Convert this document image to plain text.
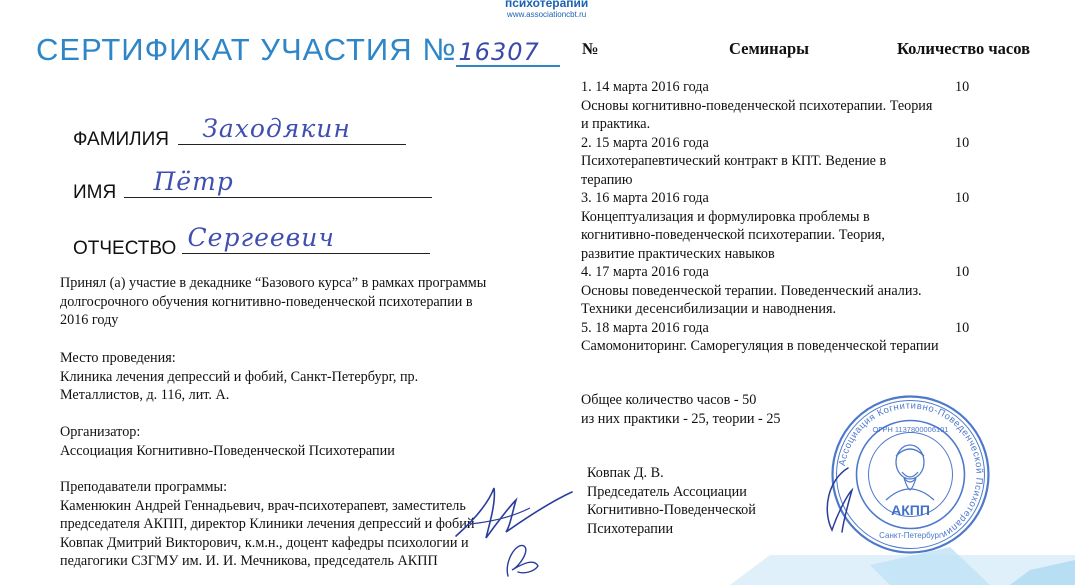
психотерапии
www.associationcbt.ru
СЕРТИФИКАТ УЧАСТИЯ №16307
ФАМИЛИЯ Заходякин
ИМЯ Пётр
ОТЧЕСТВО Сергеевич

Принял (а) участие в декаднике “Базового курса” в рамках программы долгосрочного обучения когнитивно-поведенческой психотерапии в 2016 году

Место проведения:

Клиника лечения депрессий и фобий, Санкт-Петербург, пр. Металлистов, д. 116, лит. А.

Организатор:

Ассоциация Когнитивно-Поведенческой Психотерапии

Преподаватели программы:

Каменюкин Андрей Геннадьевич, врач-психотерапевт, заместитель председателя АКПП, директор Клиники лечения депрессий и фобий

Ковпак Дмитрий Викторович, к.м.н., доцент кафедры психологии и педагогики СЗГМУ им. И. И. Мечникова, председатель АКПП

№	Семинары	Количество часов
1. 14 марта 2016 года
Основы когнитивно-поведенческой психотерапии. Теория и практика.
10
2. 15 марта 2016 года
Психотерапевтический контракт в КПТ. Ведение в терапию
10
3. 16 марта 2016 года
Концептуализация и формулировка проблемы в когнитивно-поведенческой психотерапии. Теория, развитие практических навыков
10
4. 17 марта 2016 года
Основы поведенческой терапии. Поведенческий анализ. Техники десенсибилизации и наводнения.
10
5. 18 марта 2016 года
Самомониторинг. Саморегуляция в поведенческой терапии
10
Общее количество часов - 50
из них практики - 25, теории - 25
Ковпак Д. В.
Председатель Ассоциации Когнитивно-Поведенческой Психотерапии
Ассоциация Когнитивно-Поведенческой Психотерапии
АКПП
ОГРН 1137800006101
Санкт-Петербург
